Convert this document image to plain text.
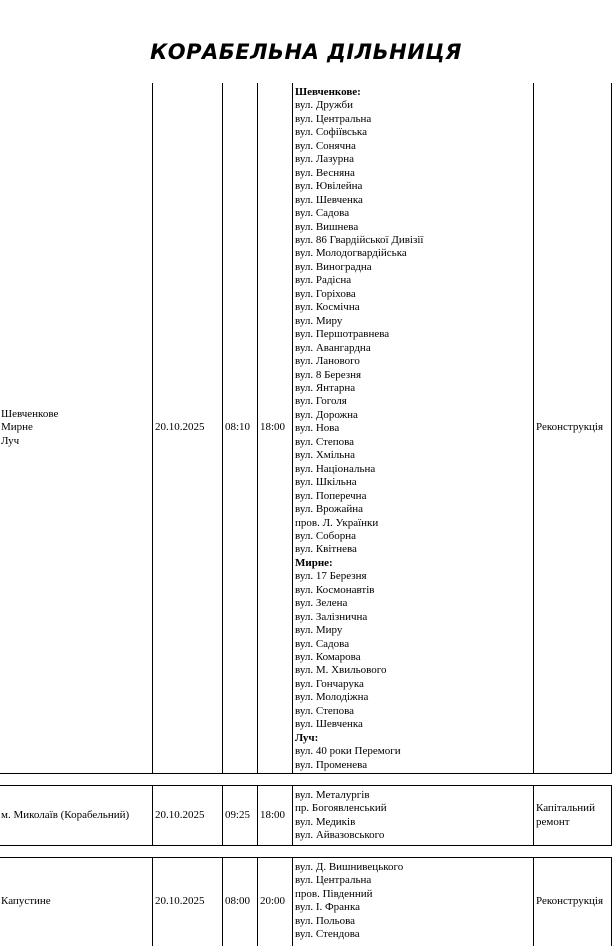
КОРАБЕЛЬНА ДІЛЬНИЦЯ
Шевченкове
Мирне
Луч
20.10.2025	08:10 18:00
Шевченкове:
вул. Дружби
вул. Центральна
вул. Софіївська
вул. Сонячна
вул. Лазурна
вул. Весняна
вул. Ювілейна
вул. Шевченка
вул. Садова
вул. Вишнева
вул. 86 Гвардійської Дивізії
вул. Молодогвардійська
вул. Виноградна
вул. Радісна
вул. Горіхова
вул. Космічна
вул. Миру
вул. Першотравнева
вул. Авангардна
вул. Ланового
вул. 8 Березня
вул. Янтарна
вул. Гоголя
вул. Дорожна
вул. Нова
вул. Степова
вул. Хмільна
вул. Національна
вул. Шкільна
вул. Поперечна
вул. Врожайна
пров. Л. Українки
вул. Соборна
вул. Квітнева
Мирне:
вул. 17 Березня
вул. Космонавтів
вул. Зелена
вул. Залізнична
вул. Миру
вул. Садова
вул. Комарова
вул. М. Хвильового
вул. Гончарука
вул. Молодіжна
вул. Степова
вул. Шевченка
Луч:
вул. 40 роки Перемоги
вул. Променева
Реконструкція
м. Миколаїв (Корабельний)	20.10.2025	09:25 18:00
вул. Металургів
пр. Богоявленський
вул. Медиків
вул. Айвазовського
Капітальний
ремонт
Капустине	20.10.2025	08:00 20:00
вул. Д. Вишнивецького
вул. Центральна
пров. Південний
вул. І. Франка
вул. Польова
вул. Стендова
Реконструкція
